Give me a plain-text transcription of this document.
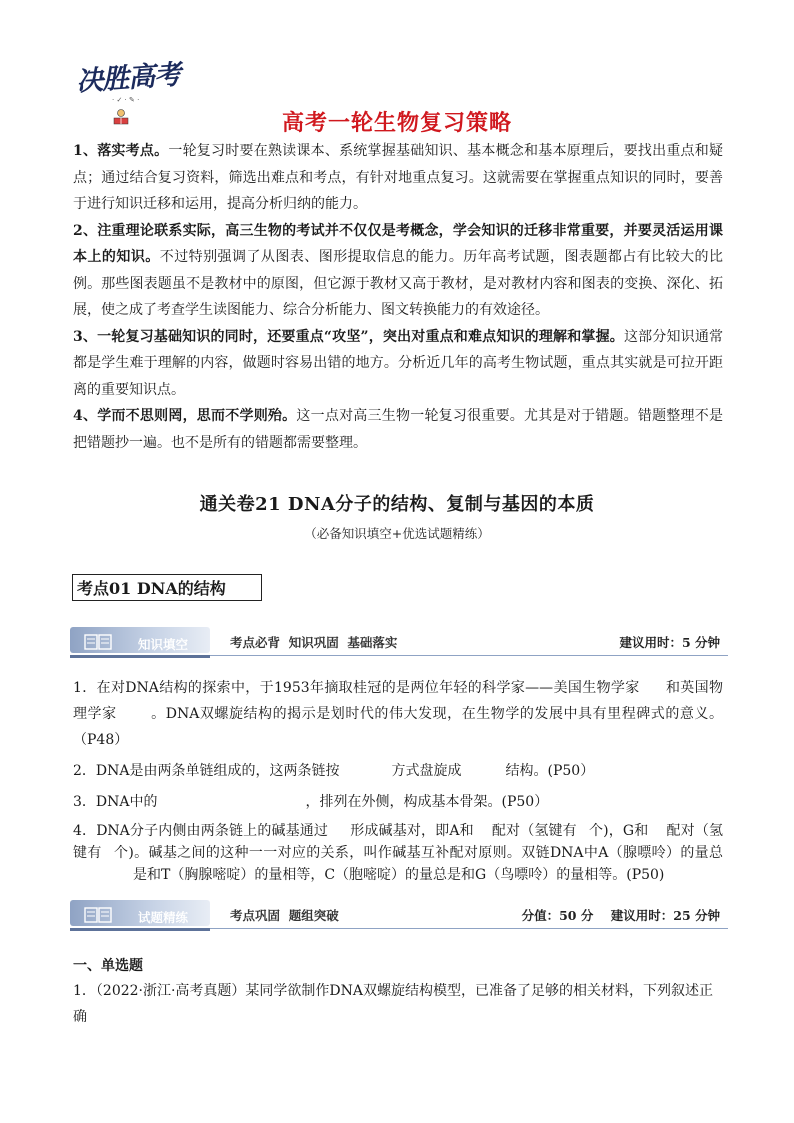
决胜高考
· ✓ · ✎ ·
高考一轮生物复习策略

1、落实考点。一轮复习时要在熟读课本、系统掌握基础知识、基本概念和基本原理后，要找出重点和疑点；通过结合复习资料，筛选出难点和考点，有针对地重点复习。这就需要在掌握重点知识的同时，要善于进行知识迁移和运用，提高分析归纳的能力。

2、注重理论联系实际，高三生物的考试并不仅仅是考概念，学会知识的迁移非常重要，并要灵活运用课本上的知识。不过特别强调了从图表、图形提取信息的能力。历年高考试题，图表题都占有比较大的比例。那些图表题虽不是教材中的原图，但它源于教材又高于教材，是对教材内容和图表的变换、深化、拓展，使之成了考查学生读图能力、综合分析能力、图文转换能力的有效途径。

3、一轮复习基础知识的同时，还要重点“攻坚”，突出对重点和难点知识的理解和掌握。这部分知识通常都是学生难于理解的内容，做题时容易出错的地方。分析近几年的高考生物试题，重点其实就是可拉开距离的重要知识点。

4、学而不思则罔，思而不学则殆。这一点对高三生物一轮复习很重要。尤其是对于错题。错题整理不是把错题抄一遍。也不是所有的错题都需要整理。

通关卷21 DNA分子的结构、复制与基因的本质
（必备知识填空+优选试题精练）
考点01 DNA的结构
知识填空	考点必背  知识巩固  基础落实	建议用时：5 分钟

1．在对DNA结构的探索中，于1953年摘取桂冠的是两位年轻的科学家——美国生物学家 和英国物理学家 。DNA双螺旋结构的揭示是划时代的伟大发现，在生物学的发展中具有里程碑式的意义。（P48）

2．DNA是由两条单链组成的，这两条链按	方式盘旋成	结构。(P50）

3．DNA中的	，排列在外侧，构成基本骨架。(P50）

4．DNA分子内侧由两条链上的碱基通过 形成碱基对，即A和 配对（氢键有 个)，G和 配对（氢键有 个)。碱基之间的这种一一对应的关系，叫作碱基互补配对原则。双链DNA中A（腺嘌呤）的量总是和T（胸腺嘧啶）的量相等，C（胞嘧啶）的量总是和G（鸟嘌呤）的量相等。(P50)

试题精练	考点巩固  题组突破	分值：50 分    建议用时：25 分钟
一、单选题
1．（2022·浙江·高考真题）某同学欲制作DNA双螺旋结构模型，已准备了足够的相关材料，下列叙述正确
